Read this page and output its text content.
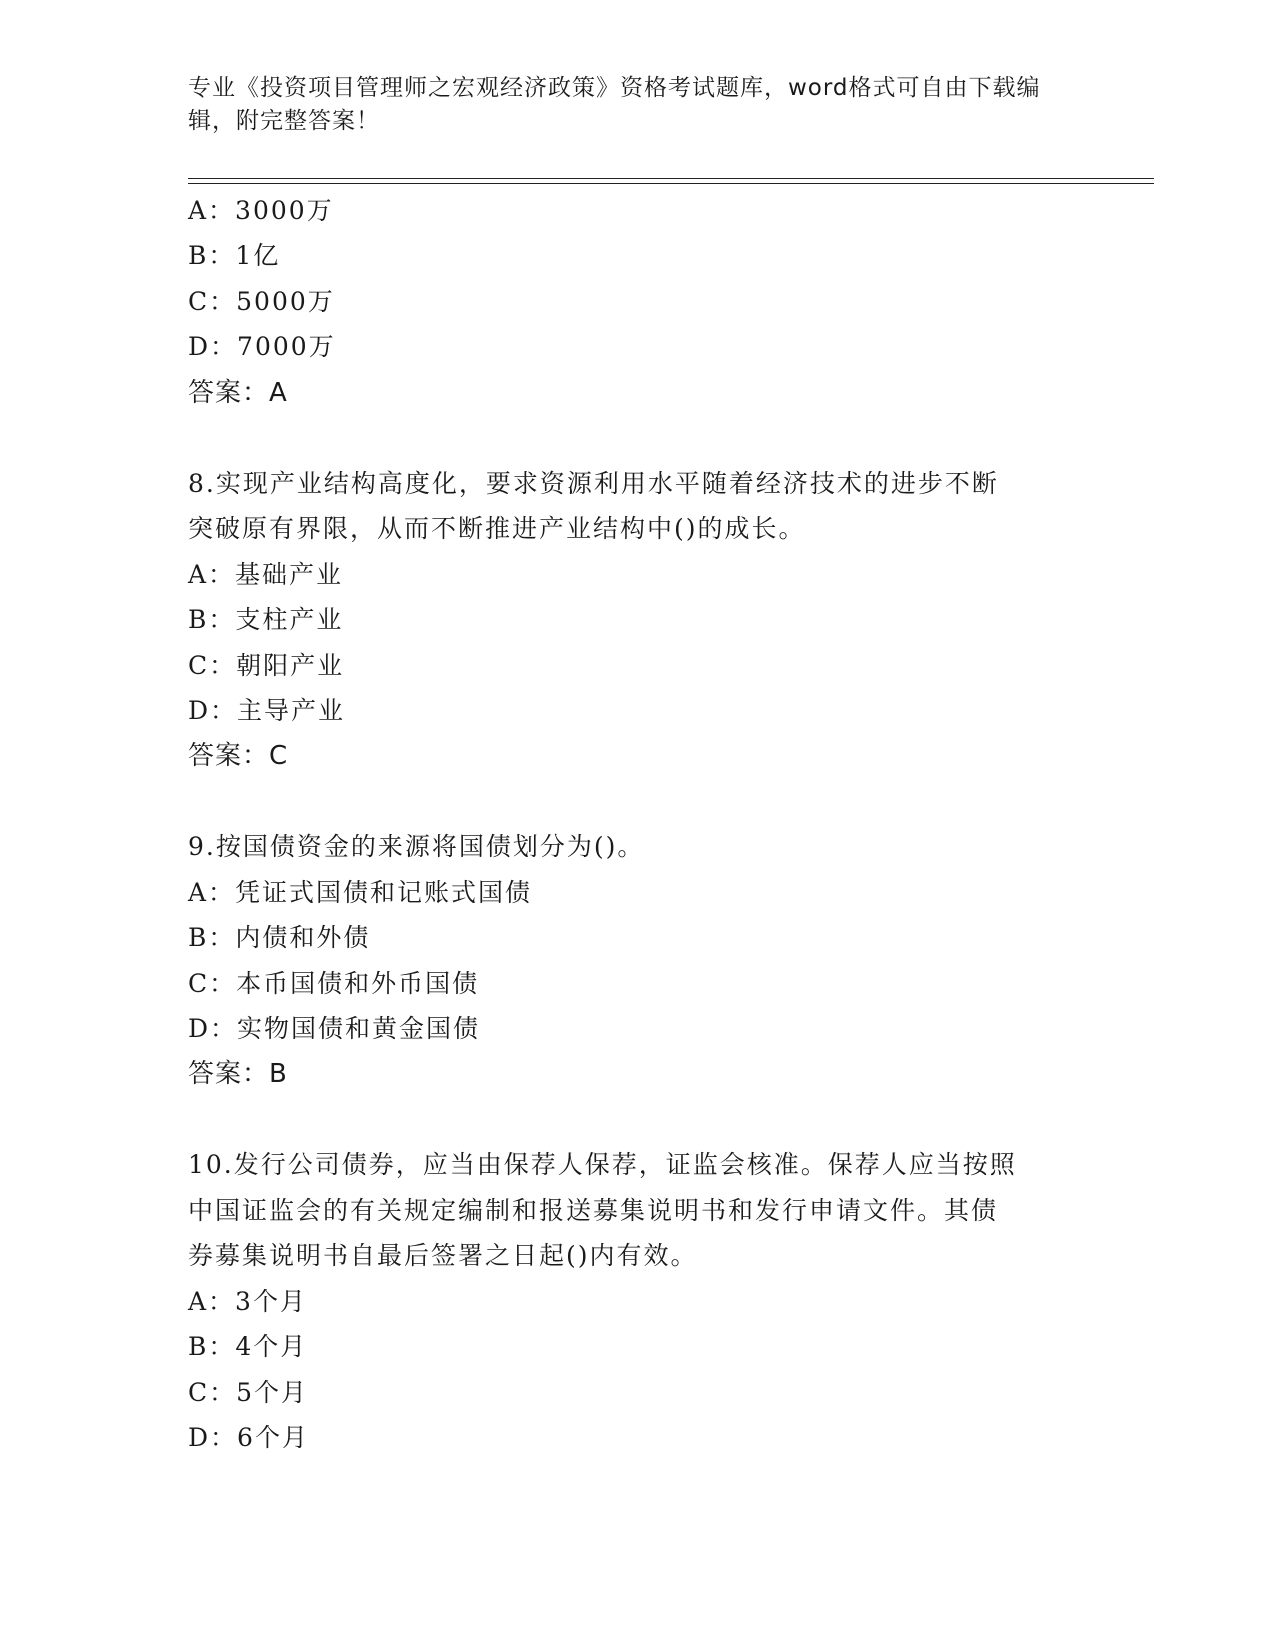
专业《投资项目管理师之宏观经济政策》资格考试题库，word格式可自由下载编
辑，附完整答案！
A：3000万
B：1亿
C：5000万
D：7000万
答案：A
8.实现产业结构高度化，要求资源利用水平随着经济技术的进步不断
突破原有界限，从而不断推进产业结构中()的成长。
A：基础产业
B：支柱产业
C：朝阳产业
D：主导产业
答案：C
9.按国债资金的来源将国债划分为()。
A：凭证式国债和记账式国债
B：内债和外债
C：本币国债和外币国债
D：实物国债和黄金国债
答案：B
10.发行公司债券，应当由保荐人保荐，证监会核准。保荐人应当按照
中国证监会的有关规定编制和报送募集说明书和发行申请文件。其债
券募集说明书自最后签署之日起()内有效。
A：3个月
B：4个月
C：5个月
D：6个月
